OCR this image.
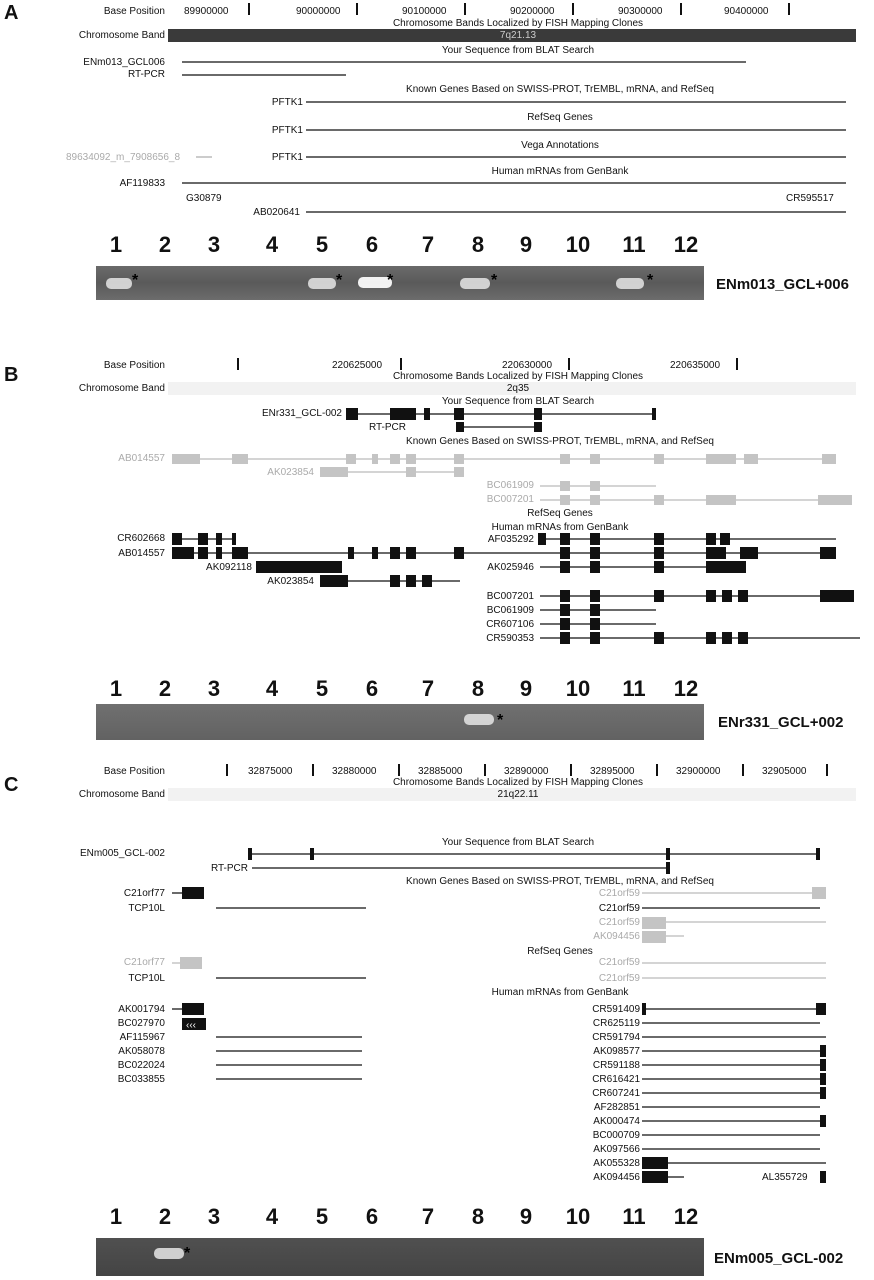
A	Base Position 89900000	90000000	90100000	90200000	90300000	90400000
Chromosome Bands Localized by FISH Mapping Clones
Chromosome Band	7q21.13
Your Sequence from BLAT Search
ENm013_GCL006
RT-PCR
Known Genes Based on SWISS-PROT, TrEMBL, mRNA, and RefSeq
PFTK1
RefSeq Genes
PFTK1
Vega Annotations
89634092_m_7908656_8	PFTK1
Human mRNAs from GenBank
AF119833
G30879	CR595517
AB020641
1 2 3 4 5 6 7 8 9 10 11 12
*	*	*	*	*	ENm013_GCL+006
B	Base Position	220625000	220630000	220635000
Chromosome Bands Localized by FISH Mapping Clones
Chromosome Band	2q35
Your Sequence from BLAT Search
ENr331_GCL-002
RT-PCR
Known Genes Based on SWISS-PROT, TrEMBL, mRNA, and RefSeq
AB014557
AK023854
BC061909
BC007201
RefSeq Genes
Human mRNAs from GenBank
CR602668
AB014557
AK092118
AK023854
AF035292
AK025946
BC007201
BC061909
CR607106
CR590353
1 2 3 4 5 6 7 8 9 10 11 12
*	ENr331_GCL+002
C
Base Position	32875000	32880000	32885000	32890000	32895000	32900000	32905000
Chromosome Bands Localized by FISH Mapping Clones
Chromosome Band	21q22.11
Your Sequence from BLAT Search
ENm005_GCL-002
RT-PCR
Known Genes Based on SWISS-PROT, TrEMBL, mRNA, and RefSeq
C21orf77
TCP10L
C21orf59
C21orf59
C21orf59
AK094456
RefSeq Genes
C21orf77
TCP10L
C21orf59
C21orf59
Human mRNAs from GenBank
AK001794
BC027970
AF115967
AK058078
BC022024
BC033855
CR591409
CR625119
CR591794
AK098577
CR591188
CR616421
CR607241
AF282851
AK000474
BC000709
AK097566
AK055328
AK094456	AL355729
‹‹‹
1 2 3 4 5 6 7 8 9 10 11 12
*	ENm005_GCL-002
